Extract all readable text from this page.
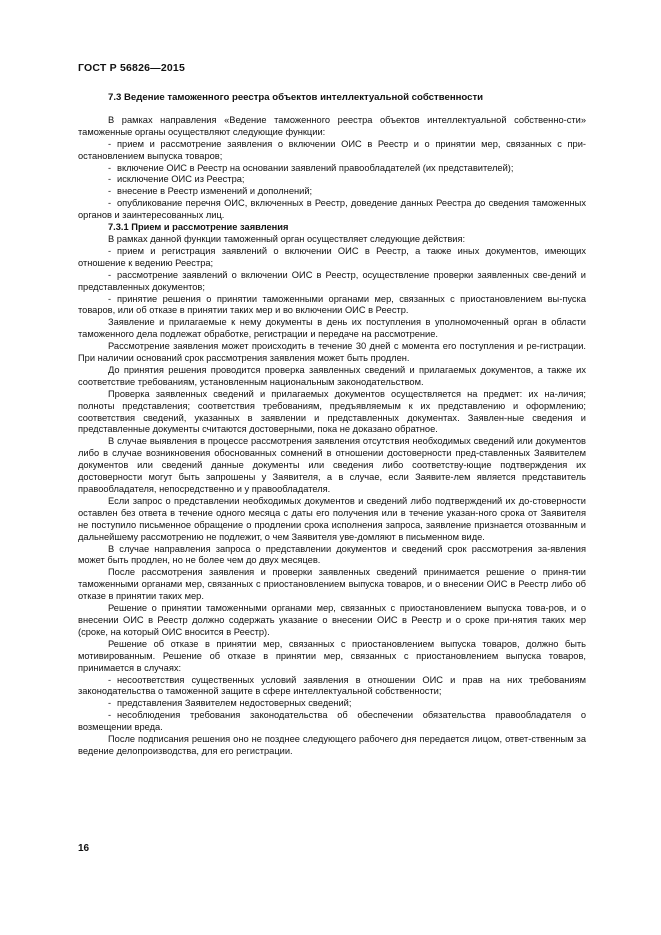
ГОСТ Р 56826—2015
7.3 Ведение таможенного реестра объектов интеллектуальной собственности

В рамках направления «Ведение таможенного реестра объектов интеллектуальной собственно-сти» таможенные органы осуществляют следующие функции:

- прием и рассмотрение заявления о включении ОИС в Реестр и о принятии мер, связанных с при-остановлением выпуска товаров;

- включение ОИС в Реестр на основании заявлений правообладателей (их представителей);

- исключение ОИС из Реестра;

- внесение в Реестр изменений и дополнений;

- опубликование перечня ОИС, включенных в Реестр, доведение данных Реестра до сведения таможенных органов и заинтересованных лиц.

7.3.1 Прием и рассмотрение заявления

В рамках данной функции таможенный орган осуществляет следующие действия:

- прием и регистрация заявлений о включении ОИС в Реестр, а также иных документов, имеющих отношение к ведению Реестра;

- рассмотрение заявлений о включении ОИС в Реестр, осуществление проверки заявленных све-дений и представленных документов;

- принятие решения о принятии таможенными органами мер, связанных с приостановлением вы-пуска товаров, или об отказе в принятии таких мер и во включении ОИС в Реестр.

Заявление и прилагаемые к нему документы в день их поступления в уполномоченный орган в области таможенного дела подлежат обработке, регистрации и передаче на рассмотрение.

Рассмотрение заявления может происходить в течение 30 дней с момента его поступления и ре-гистрации. При наличии оснований срок рассмотрения заявления может быть продлен.

До принятия решения проводится проверка заявленных сведений и прилагаемых документов, а также их соответствие требованиям, установленным национальным законодательством.

Проверка заявленных сведений и прилагаемых документов осуществляется на предмет: их на-личия; полноты представления; соответствия требованиям, предъявляемым к их представлению и оформлению; соответствия сведений, указанных в заявлении и представленных документах. Заявлен-ные сведения и представленные документы считаются достоверными, пока не доказано обратное.

В случае выявления в процессе рассмотрения заявления отсутствия необходимых сведений или документов либо в случае возникновения обоснованных сомнений в отношении достоверности пред-ставленных Заявителем документов или сведений данные документы или сведения либо соответству-ющие подтверждения их достоверности могут быть запрошены у Заявителя, а в случае, если Заявите-лем является представитель правообладателя, непосредственно и у правообладателя.

Если запрос о представлении необходимых документов и сведений либо подтверждений их до-стоверности оставлен без ответа в течение одного месяца с даты его получения или в течение указан-ного срока от Заявителя не поступило письменное обращение о продлении срока исполнения запроса, заявление признается отозванным и дальнейшему рассмотрению не подлежит, о чем Заявителя уве-домляют в письменном виде.

В случае направления запроса о представлении документов и сведений срок рассмотрения за-явления может быть продлен, но не более чем до двух месяцев.

После рассмотрения заявления и проверки заявленных сведений принимается решение о приня-тии таможенными органами мер, связанных с приостановлением выпуска товаров, и о внесении ОИС в Реестр либо об отказе в принятии таких мер.

Решение о принятии таможенными органами мер, связанных с приостановлением выпуска това-ров, и о внесении ОИС в Реестр должно содержать указание о внесении ОИС в Реестр и о сроке при-нятия таких мер (сроке, на который ОИС вносится в Реестр).

Решение об отказе в принятии мер, связанных с приостановлением выпуска товаров, должно быть мотивированным. Решение об отказе в принятии мер, связанных с приостановлением выпуска товаров, принимается в случаях:

- несоответствия существенных условий заявления в отношении ОИС и прав на них требованиям законодательства о таможенной защите в сфере интеллектуальной собственности;

- представления Заявителем недостоверных сведений;

- несоблюдения требования законодательства об обеспечении обязательства правообладателя о возмещении вреда.

После подписания решения оно не позднее следующего рабочего дня передается лицом, ответ-ственным за ведение делопроизводства, для его регистрации.

16
